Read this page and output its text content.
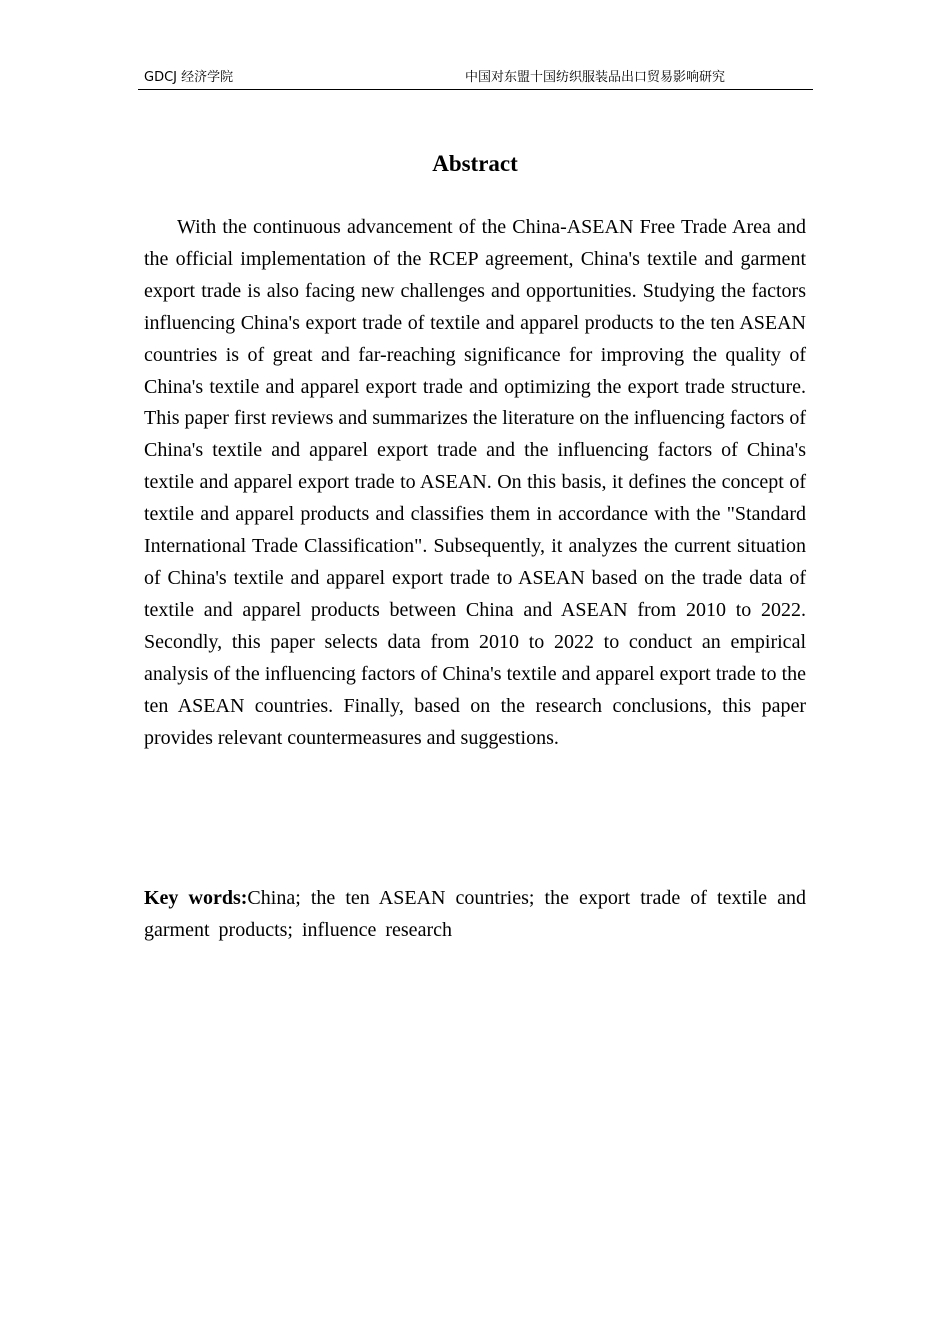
GDCJ 经济学院	中国对东盟十国纺织服装品出口贸易影响研究
Abstract

With the continuous advancement of the China-ASEAN Free Trade Area and the official implementation of the RCEP agreement, China's textile and garment export trade is also facing new challenges and opportunities. Studying the factors influencing China's export trade of textile and apparel products to the ten ASEAN countries is of great and far-reaching significance for improving the quality of China's textile and apparel export trade and optimizing the export trade structure. This paper first reviews and summarizes the literature on the influencing factors of China's textile and apparel export trade and the influencing factors of China's textile and apparel export trade to ASEAN. On this basis, it defines the concept of textile and apparel products and classifies them in accordance with the "Standard International Trade Classification". Subsequently, it analyzes the current situation of China's textile and apparel export trade to ASEAN based on the trade data of textile and apparel products between China and ASEAN from 2010 to 2022. Secondly, this paper selects data from 2010 to 2022 to conduct an empirical analysis of the influencing factors of China's textile and apparel export trade to the ten ASEAN countries. Finally, based on the research conclusions, this paper provides relevant countermeasures and suggestions.

Key words:China; the ten ASEAN countries; the export trade of textile and garment products; influence research
